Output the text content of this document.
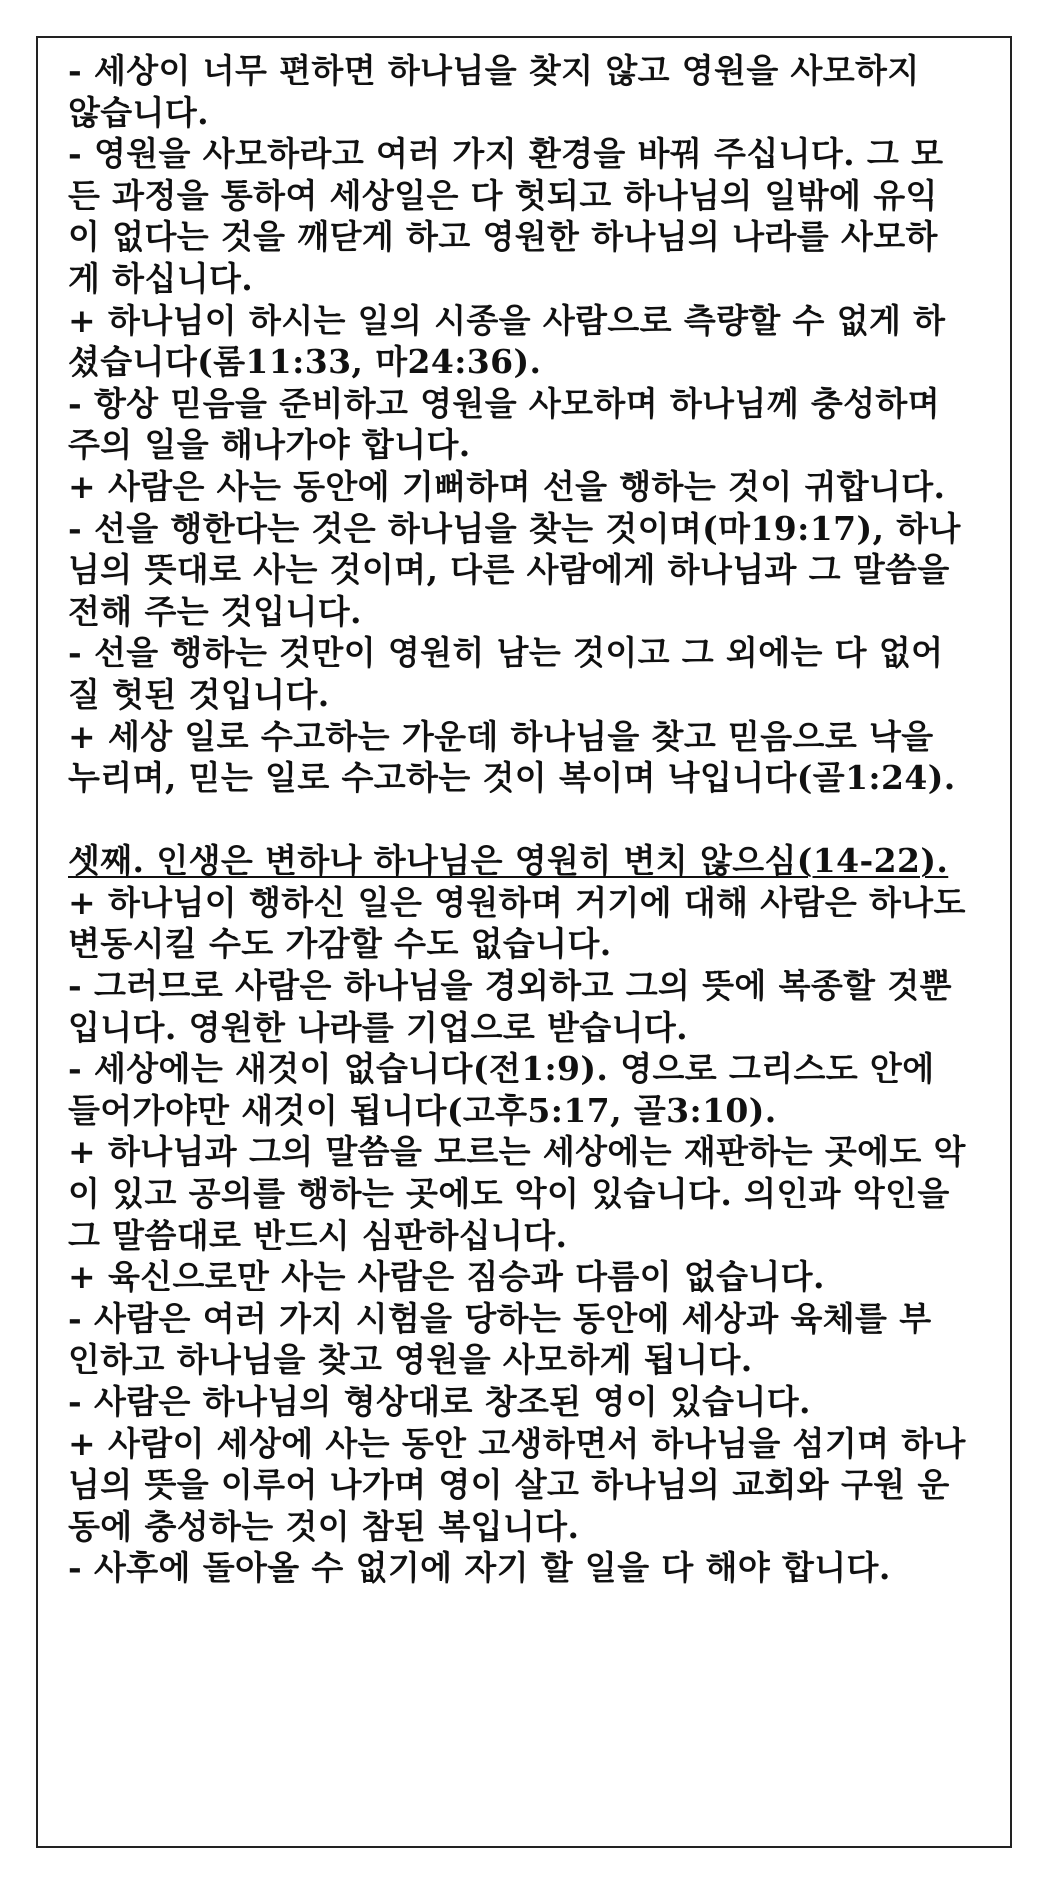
- 세상이 너무 편하면 하나님을 찾지 않고 영원을 사모하지
않습니다.
- 영원을 사모하라고 여러 가지 환경을 바꿔 주십니다. 그 모
든 과정을 통하여 세상일은 다 헛되고 하나님의 일밖에 유익
이 없다는 것을 깨닫게 하고 영원한 하나님의 나라를 사모하
게 하십니다.
+ 하나님이 하시는 일의 시종을 사람으로 측량할 수 없게 하
셨습니다(롬11:33, 마24:36).
- 항상 믿음을 준비하고 영원을 사모하며 하나님께 충성하며
주의 일을 해나가야 합니다.
+ 사람은 사는 동안에 기뻐하며 선을 행하는 것이 귀합니다.
- 선을 행한다는 것은 하나님을 찾는 것이며(마19:17), 하나
님의 뜻대로 사는 것이며, 다른 사람에게 하나님과 그 말씀을
전해 주는 것입니다.
- 선을 행하는 것만이 영원히 남는 것이고 그 외에는 다 없어
질 헛된 것입니다.
+ 세상 일로 수고하는 가운데 하나님을 찾고 믿음으로 낙을
누리며, 믿는 일로 수고하는 것이 복이며 낙입니다(골1:24).
셋째. 인생은 변하나 하나님은 영원히 변치 않으심(14-22).
+ 하나님이 행하신 일은 영원하며 거기에 대해 사람은 하나도
변동시킬 수도 가감할 수도 없습니다.
- 그러므로 사람은 하나님을 경외하고 그의 뜻에 복종할 것뿐
입니다. 영원한 나라를 기업으로 받습니다.
- 세상에는 새것이 없습니다(전1:9). 영으로 그리스도 안에
들어가야만 새것이 됩니다(고후5:17, 골3:10).
+ 하나님과 그의 말씀을 모르는 세상에는 재판하는 곳에도 악
이 있고 공의를 행하는 곳에도 악이 있습니다. 의인과 악인을
그 말씀대로 반드시 심판하십니다.
+ 육신으로만 사는 사람은 짐승과 다름이 없습니다.
- 사람은 여러 가지 시험을 당하는 동안에 세상과 육체를 부
인하고 하나님을 찾고 영원을 사모하게 됩니다.
- 사람은 하나님의 형상대로 창조된 영이 있습니다.
+ 사람이 세상에 사는 동안 고생하면서 하나님을 섬기며 하나
님의 뜻을 이루어 나가며 영이 살고 하나님의 교회와 구원 운
동에 충성하는 것이 참된 복입니다.
- 사후에 돌아올 수 없기에 자기 할 일을 다 해야 합니다.
